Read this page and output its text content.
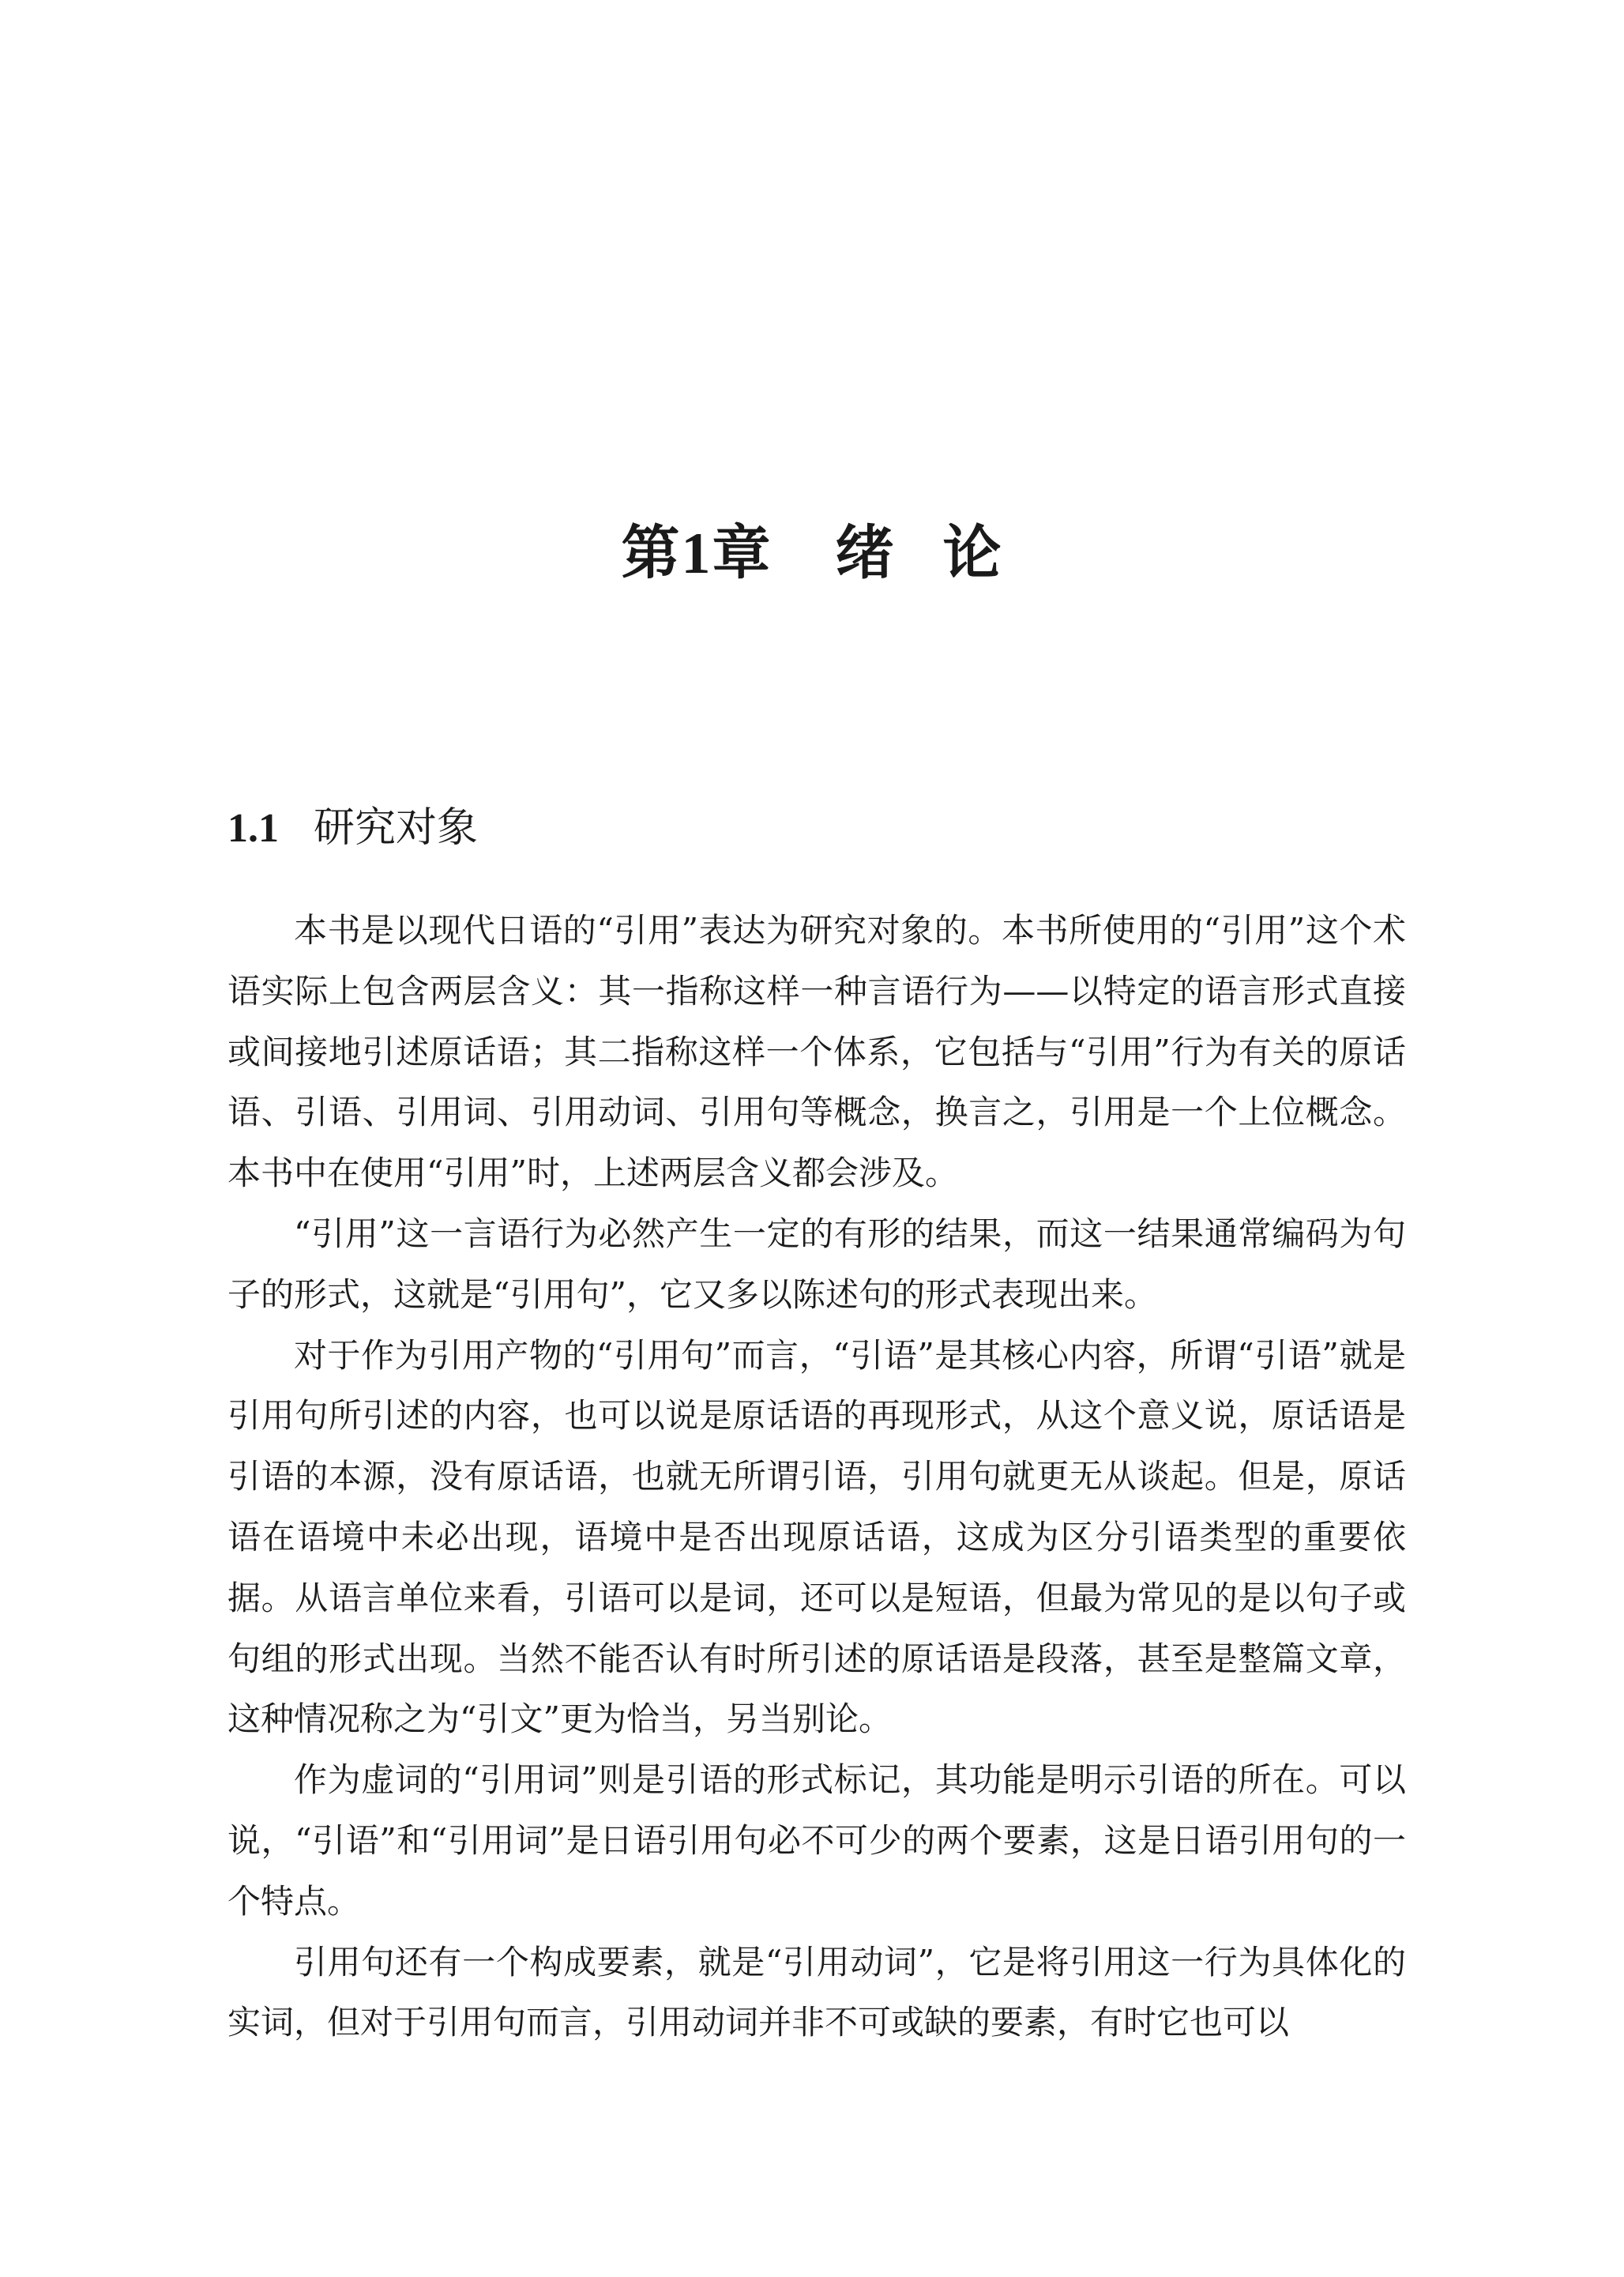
第1章 绪 论
1.1 研究对象

本书是以现代日语的“引用”表达为研究对象的。本书所使用的“引用”这个术语实际上包含两层含义：其一指称这样一种言语行为——以特定的语言形式直接或间接地引述原话语；其二指称这样一个体系，它包括与“引用”行为有关的原话语、引语、引用词、引用动词、引用句等概念，换言之，引用是一个上位概念。本书中在使用“引用”时，上述两层含义都会涉及。

“引用”这一言语行为必然产生一定的有形的结果，而这一结果通常编码为句子的形式，这就是“引用句”，它又多以陈述句的形式表现出来。

对于作为引用产物的“引用句”而言，“引语”是其核心内容，所谓“引语”就是引用句所引述的内容，也可以说是原话语的再现形式，从这个意义说，原话语是引语的本源，没有原话语，也就无所谓引语，引用句就更无从谈起。但是，原话语在语境中未必出现，语境中是否出现原话语，这成为区分引语类型的重要依据。从语言单位来看，引语可以是词，还可以是短语，但最为常见的是以句子或句组的形式出现。当然不能否认有时所引述的原话语是段落，甚至是整篇文章，这种情况称之为“引文”更为恰当，另当别论。

作为虚词的“引用词”则是引语的形式标记，其功能是明示引语的所在。可以说，“引语”和“引用词”是日语引用句必不可少的两个要素，这是日语引用句的一个特点。

引用句还有一个构成要素，就是“引用动词”，它是将引用这一行为具体化的实词，但对于引用句而言，引用动词并非不可或缺的要素，有时它也可以
